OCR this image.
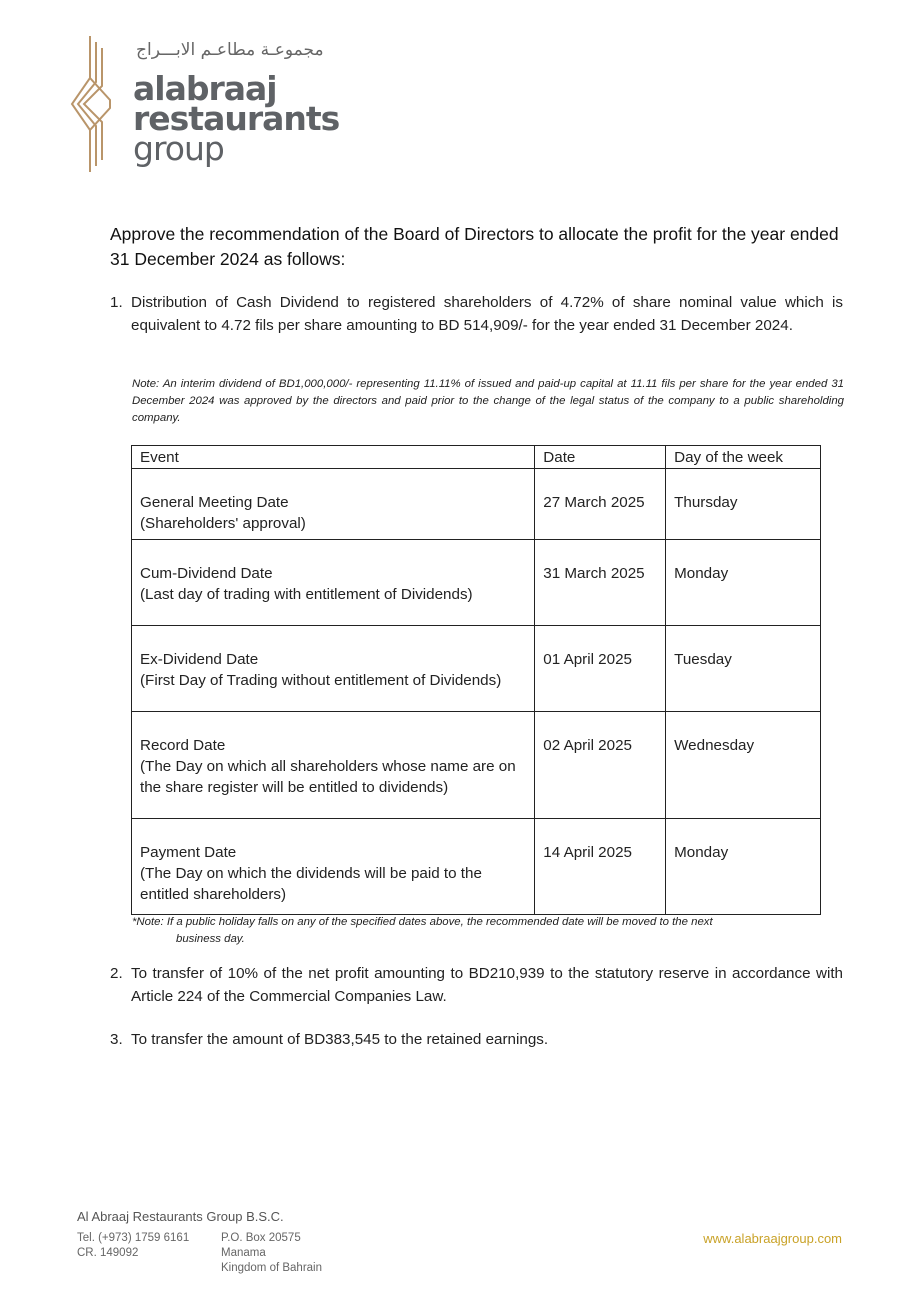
مجموعـة مطاعـم الابـــراج
alabraaj
restaurants
group
Approve the recommendation of the Board of Directors to allocate the profit for the year ended 31 December 2024 as follows:
1. Distribution of Cash Dividend to registered shareholders of 4.72% of share nominal value which is equivalent to 4.72 fils per share amounting to BD 514,909/- for the year ended 31 December 2024.
Note: An interim dividend of BD1,000,000/- representing 11.11% of issued and paid-up capital at 11.11 fils per share for the year ended 31 December 2024 was approved by the directors and paid prior to the change of the legal status of the company to a public shareholding company.
Event	Date	Day of the week

General Meeting Date
(Shareholders' approval)	27 March 2025	Thursday

Cum-Dividend Date
(Last day of trading with entitlement of Dividends)	31 March 2025	Monday

Ex-Dividend Date
(First Day of Trading without entitlement of Dividends)	01 April 2025	Tuesday

Record Date
(The Day on which all shareholders whose name are on the share register will be entitled to dividends)	02 April 2025	Wednesday

Payment Date
(The Day on which the dividends will be paid to the entitled shareholders)	14 April 2025	Monday
*Note: If a public holiday falls on any of the specified dates above, the recommended date will be moved to the next
business day.
2. To transfer of 10% of the net profit amounting to BD210,939 to the statutory reserve in accordance with Article 224 of the Commercial Companies Law.
3. To transfer the amount of BD383,545 to the retained earnings.
Al Abraaj Restaurants Group B.S.C.
Tel. (+973) 1759 6161
CR. 149092
P.O. Box 20575
Manama
Kingdom of Bahrain
www.alabraajgroup.com
